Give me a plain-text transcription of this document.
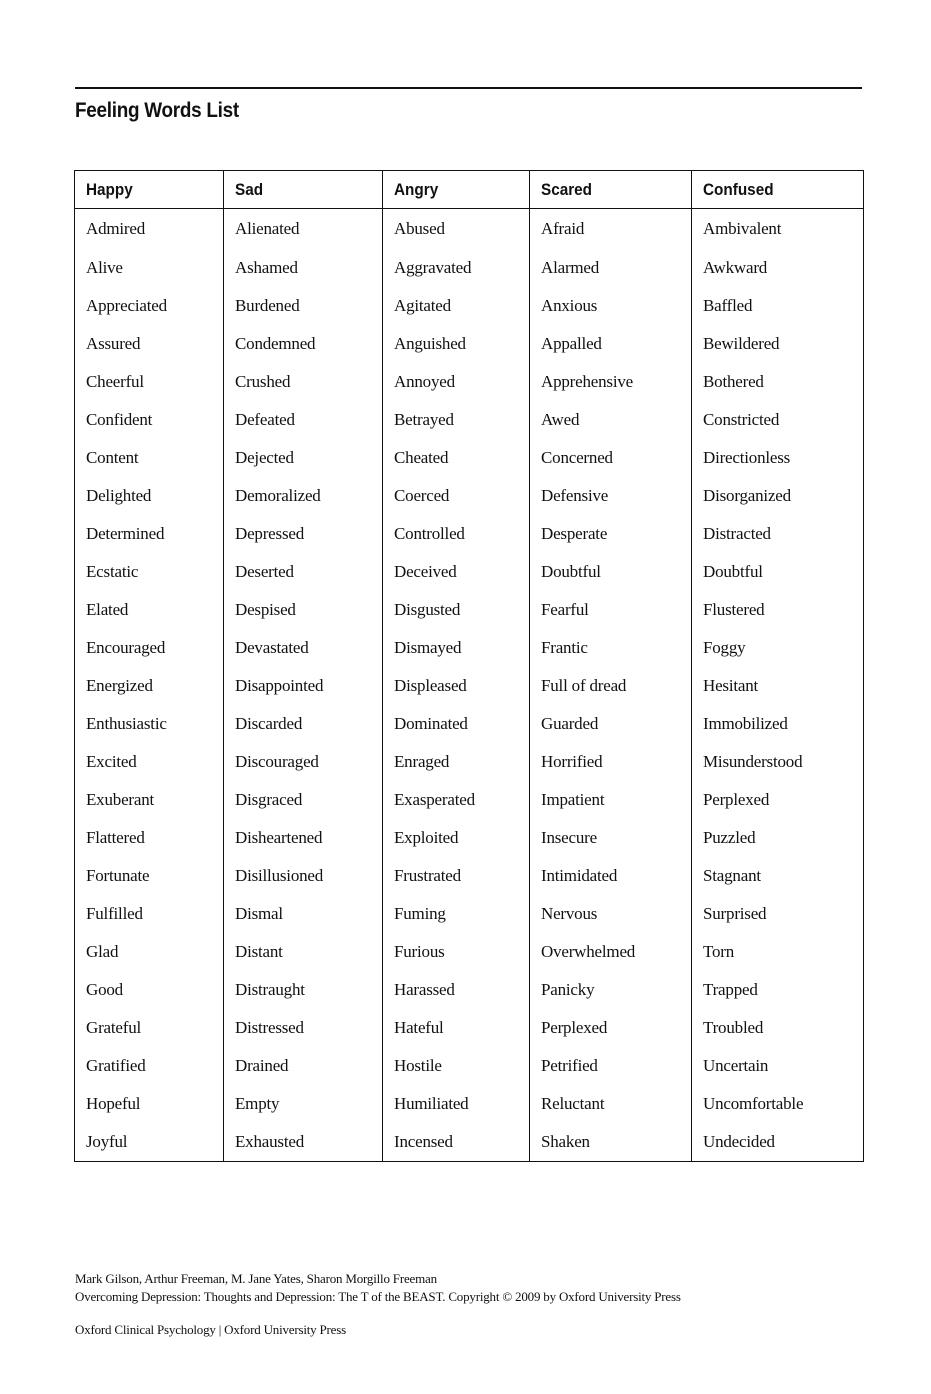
Feeling Words List
Happy	Sad	Angry	Scared	Confused
Admired	Alienated	Abused	Afraid	Ambivalent
Alive	Ashamed	Aggravated	Alarmed	Awkward
Appreciated	Burdened	Agitated	Anxious	Baffled
Assured	Condemned	Anguished	Appalled	Bewildered
Cheerful	Crushed	Annoyed	Apprehensive	Bothered
Confident	Defeated	Betrayed	Awed	Constricted
Content	Dejected	Cheated	Concerned	Directionless
Delighted	Demoralized	Coerced	Defensive	Disorganized
Determined	Depressed	Controlled	Desperate	Distracted
Ecstatic	Deserted	Deceived	Doubtful	Doubtful
Elated	Despised	Disgusted	Fearful	Flustered
Encouraged	Devastated	Dismayed	Frantic	Foggy
Energized	Disappointed	Displeased	Full of dread	Hesitant
Enthusiastic	Discarded	Dominated	Guarded	Immobilized
Excited	Discouraged	Enraged	Horrified	Misunderstood
Exuberant	Disgraced	Exasperated	Impatient	Perplexed
Flattered	Disheartened	Exploited	Insecure	Puzzled
Fortunate	Disillusioned	Frustrated	Intimidated	Stagnant
Fulfilled	Dismal	Fuming	Nervous	Surprised
Glad	Distant	Furious	Overwhelmed	Torn
Good	Distraught	Harassed	Panicky	Trapped
Grateful	Distressed	Hateful	Perplexed	Troubled
Gratified	Drained	Hostile	Petrified	Uncertain
Hopeful	Empty	Humiliated	Reluctant	Uncomfortable
Joyful	Exhausted	Incensed	Shaken	Undecided
Mark Gilson, Arthur Freeman, M. Jane Yates, Sharon Morgillo Freeman
Overcoming Depression: Thoughts and Depression: The T of the BEAST. Copyright © 2009 by Oxford University Press
Oxford Clinical Psychology | Oxford University Press
